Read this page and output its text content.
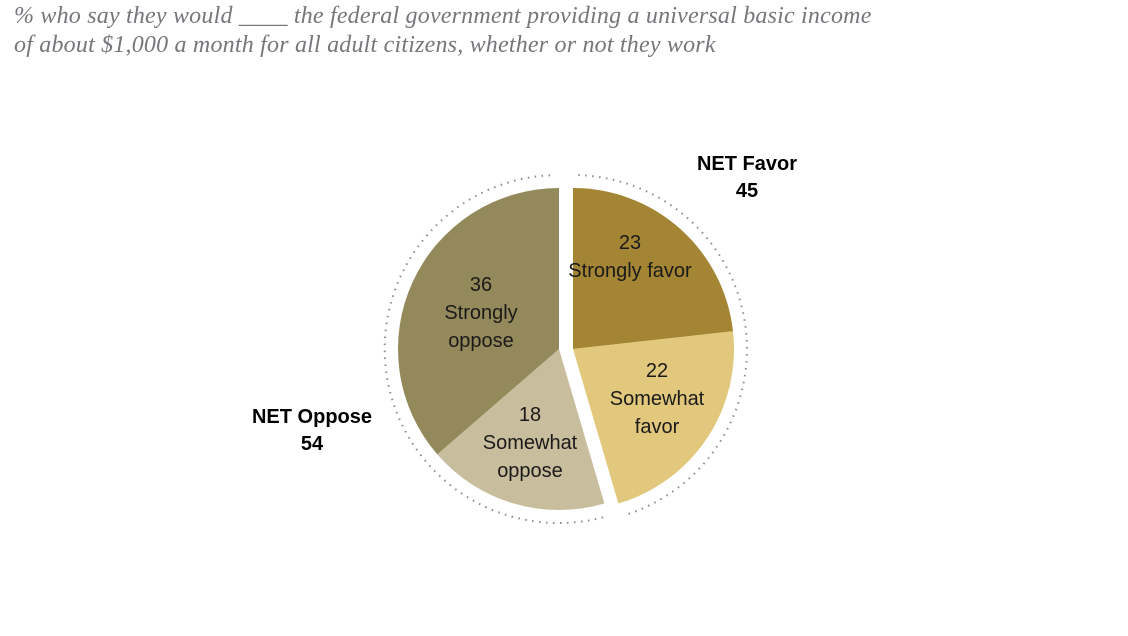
% who say they would ____ the federal government providing a universal basic income
of about $1,000 a month for all adult citizens, whether or not they work
23
Strongly favor
22
Somewhat favor
18
Somewhat oppose
36
Strongly oppose
NET Favor
45
NET Oppose
54
